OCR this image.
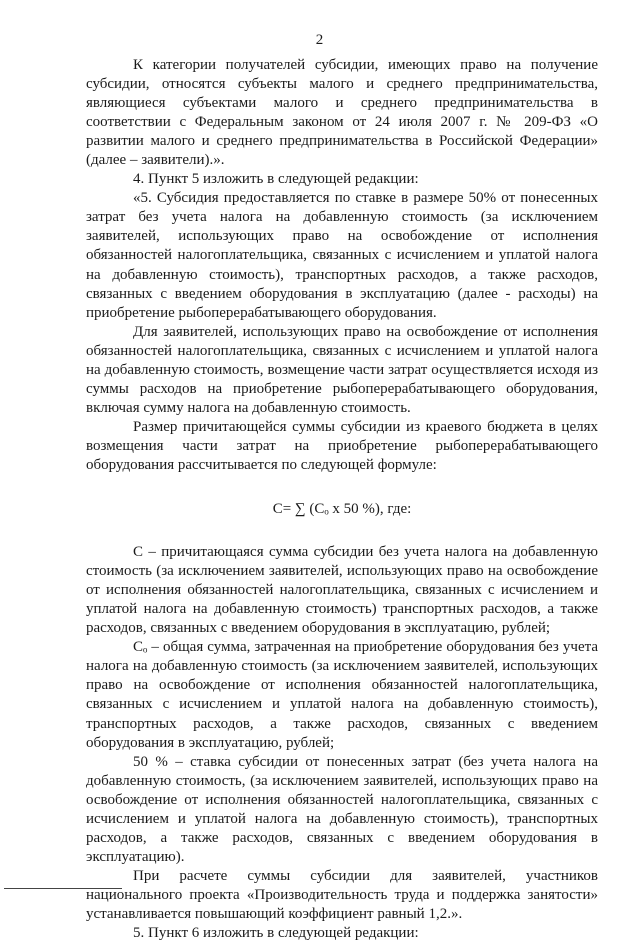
2

К категории получателей субсидии, имеющих право на получение субсидии, относятся субъекты малого и среднего предпринимательства, являющиеся субъектами малого и среднего предпринимательства в соответствии с Федеральным законом от 24 июля 2007 г. № 209-ФЗ «О развитии малого и среднего предпринимательства в Российской Федерации» (далее – заявители).».

4. Пункт 5 изложить в следующей редакции:

«5. Субсидия предоставляется по ставке в размере 50% от понесенных затрат без учета налога на добавленную стоимость (за исключением заявителей, использующих право на освобождение от исполнения обязанностей налогоплательщика, связанных с исчислением и уплатой налога на добавленную стоимость), транспортных расходов, а также расходов, связанных с введением оборудования в эксплуатацию (далее - расходы) на приобретение рыбоперерабатывающего оборудования.

Для заявителей, использующих право на освобождение от исполнения обязанностей налогоплательщика, связанных с исчислением и уплатой налога на добавленную стоимость, возмещение части затрат осуществляется исходя из суммы расходов на приобретение рыбоперерабатывающего оборудования, включая сумму налога на добавленную стоимость.

Размер причитающейся суммы субсидии из краевого бюджета в целях возмещения части затрат на приобретение рыбоперерабатывающего оборудования рассчитывается по следующей формуле:

С= ∑ (Сₒ х 50 %), где:

С – причитающаяся сумма субсидии без учета налога на добавленную стоимость (за исключением заявителей, использующих право на освобождение от исполнения обязанностей налогоплательщика, связанных с исчислением и уплатой налога на добавленную стоимость) транспортных расходов, а также расходов, связанных с введением оборудования в эксплуатацию, рублей;

Сₒ – общая сумма, затраченная на приобретение оборудования без учета налога на добавленную стоимость (за исключением заявителей, использующих право на освобождение от исполнения обязанностей налогоплательщика, связанных с исчислением и уплатой налога на добавленную стоимость), транспортных расходов, а также расходов, связанных с введением оборудования в эксплуатацию, рублей;

50 % – ставка субсидии от понесенных затрат (без учета налога на добавленную стоимость, (за исключением заявителей, использующих право на освобождение от исполнения обязанностей налогоплательщика, связанных с исчислением и уплатой налога на добавленную стоимость), транспортных расходов, а также расходов, связанных с введением оборудования в эксплуатацию).

При расчете суммы субсидии для заявителей, участников национального проекта «Производительность труда и поддержка занятости» устанавливается повышающий коэффициент равный 1,2.».

5. Пункт 6 изложить в следующей редакции:
